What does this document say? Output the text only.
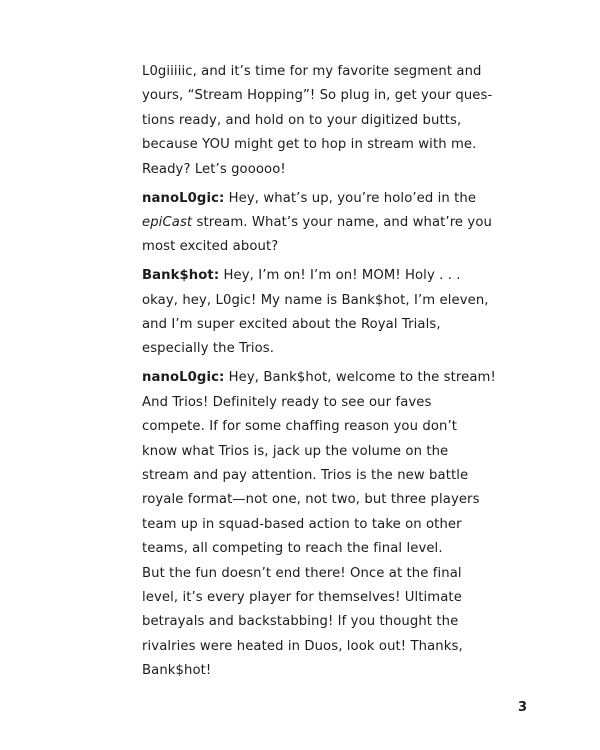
L0giiiiic, and it’s time for my favorite segment and
yours, “Stream Hopping”! So plug in, get your ques-
tions ready, and hold on to your digitized butts,
because YOU might get to hop in stream with me.
Ready? Let’s gooooo!
nanoL0gic: Hey, what’s up, you’re holo’ed in the
epiCast stream. What’s your name, and what’re you
most excited about?
Bank$hot: Hey, I’m on! I’m on! MOM! Holy . . .
okay, hey, L0gic! My name is Bank$hot, I’m eleven,
and I’m super excited about the Royal Trials,
especially the Trios.
nanoL0gic: Hey, Bank$hot, welcome to the stream!
And Trios! Definitely ready to see our faves
compete. If for some chaffing reason you don’t
know what Trios is, jack up the volume on the
stream and pay attention. Trios is the new battle
royale format—not one, not two, but three players
team up in squad-based action to take on other
teams, all competing to reach the final level.
But the fun doesn’t end there! Once at the final
level, it’s every player for themselves! Ultimate
betrayals and backstabbing! If you thought the
rivalries were heated in Duos, look out! Thanks,
Bank$hot!
3
